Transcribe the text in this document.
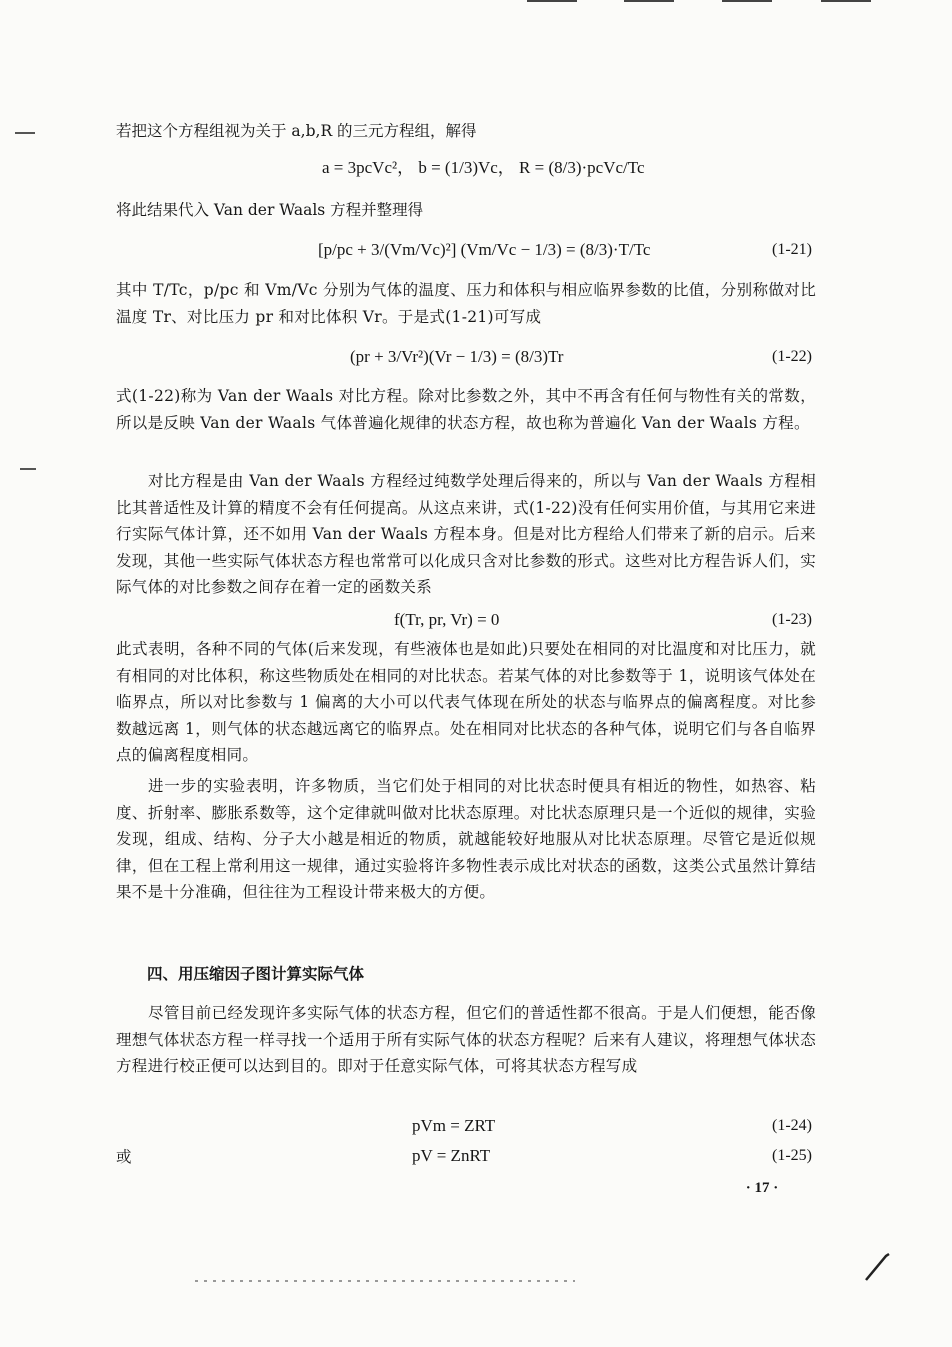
若把这个方程组视为关于 a,b,R 的三元方程组，解得
a = 3pcVc²， b = (1/3)Vc， R = (8/3)·pcVc/Tc
将此结果代入 Van der Waals 方程并整理得
[p/pc + 3/(Vm/Vc)²] (Vm/Vc − 1/3) = (8/3)·T/Tc	(1-21)

其中 T/Tc，p/pc 和 Vm/Vc 分别为气体的温度、压力和体积与相应临界参数的比值，分别称做对比温度 Tr、对比压力 pr 和对比体积 Vr。于是式(1-21)可写成

(pr + 3/Vr²)(Vr − 1/3) = (8/3)Tr	(1-22)

式(1-22)称为 Van der Waals 对比方程。除对比参数之外，其中不再含有任何与物性有关的常数，所以是反映 Van der Waals 气体普遍化规律的状态方程，故也称为普遍化 Van der Waals 方程。

对比方程是由 Van der Waals 方程经过纯数学处理后得来的，所以与 Van der Waals 方程相比其普适性及计算的精度不会有任何提高。从这点来讲，式(1-22)没有任何实用价值，与其用它来进行实际气体计算，还不如用 Van der Waals 方程本身。但是对比方程给人们带来了新的启示。后来发现，其他一些实际气体状态方程也常常可以化成只含对比参数的形式。这些对比方程告诉人们，实际气体的对比参数之间存在着一定的函数关系

f(Tr, pr, Vr) = 0	(1-23)

此式表明，各种不同的气体(后来发现，有些液体也是如此)只要处在相同的对比温度和对比压力，就有相同的对比体积，称这些物质处在相同的对比状态。若某气体的对比参数等于 1，说明该气体处在临界点，所以对比参数与 1 偏离的大小可以代表气体现在所处的状态与临界点的偏离程度。对比参数越远离 1，则气体的状态越远离它的临界点。处在相同对比状态的各种气体，说明它们与各自临界点的偏离程度相同。

进一步的实验表明，许多物质，当它们处于相同的对比状态时便具有相近的物性，如热容、粘度、折射率、膨胀系数等，这个定律就叫做对比状态原理。对比状态原理只是一个近似的规律，实验发现，组成、结构、分子大小越是相近的物质，就越能较好地服从对比状态原理。尽管它是近似规律，但在工程上常利用这一规律，通过实验将许多物性表示成比对状态的函数，这类公式虽然计算结果不是十分准确，但往往为工程设计带来极大的方便。

四、用压缩因子图计算实际气体

尽管目前已经发现许多实际气体的状态方程，但它们的普适性都不很高。于是人们便想，能否像理想气体状态方程一样寻找一个适用于所有实际气体的状态方程呢？后来有人建议，将理想气体状态方程进行校正便可以达到目的。即对于任意实际气体，可将其状态方程写成

pVm = ZRT	(1-24)
或	pV = ZnRT	(1-25)
· 17 ·
